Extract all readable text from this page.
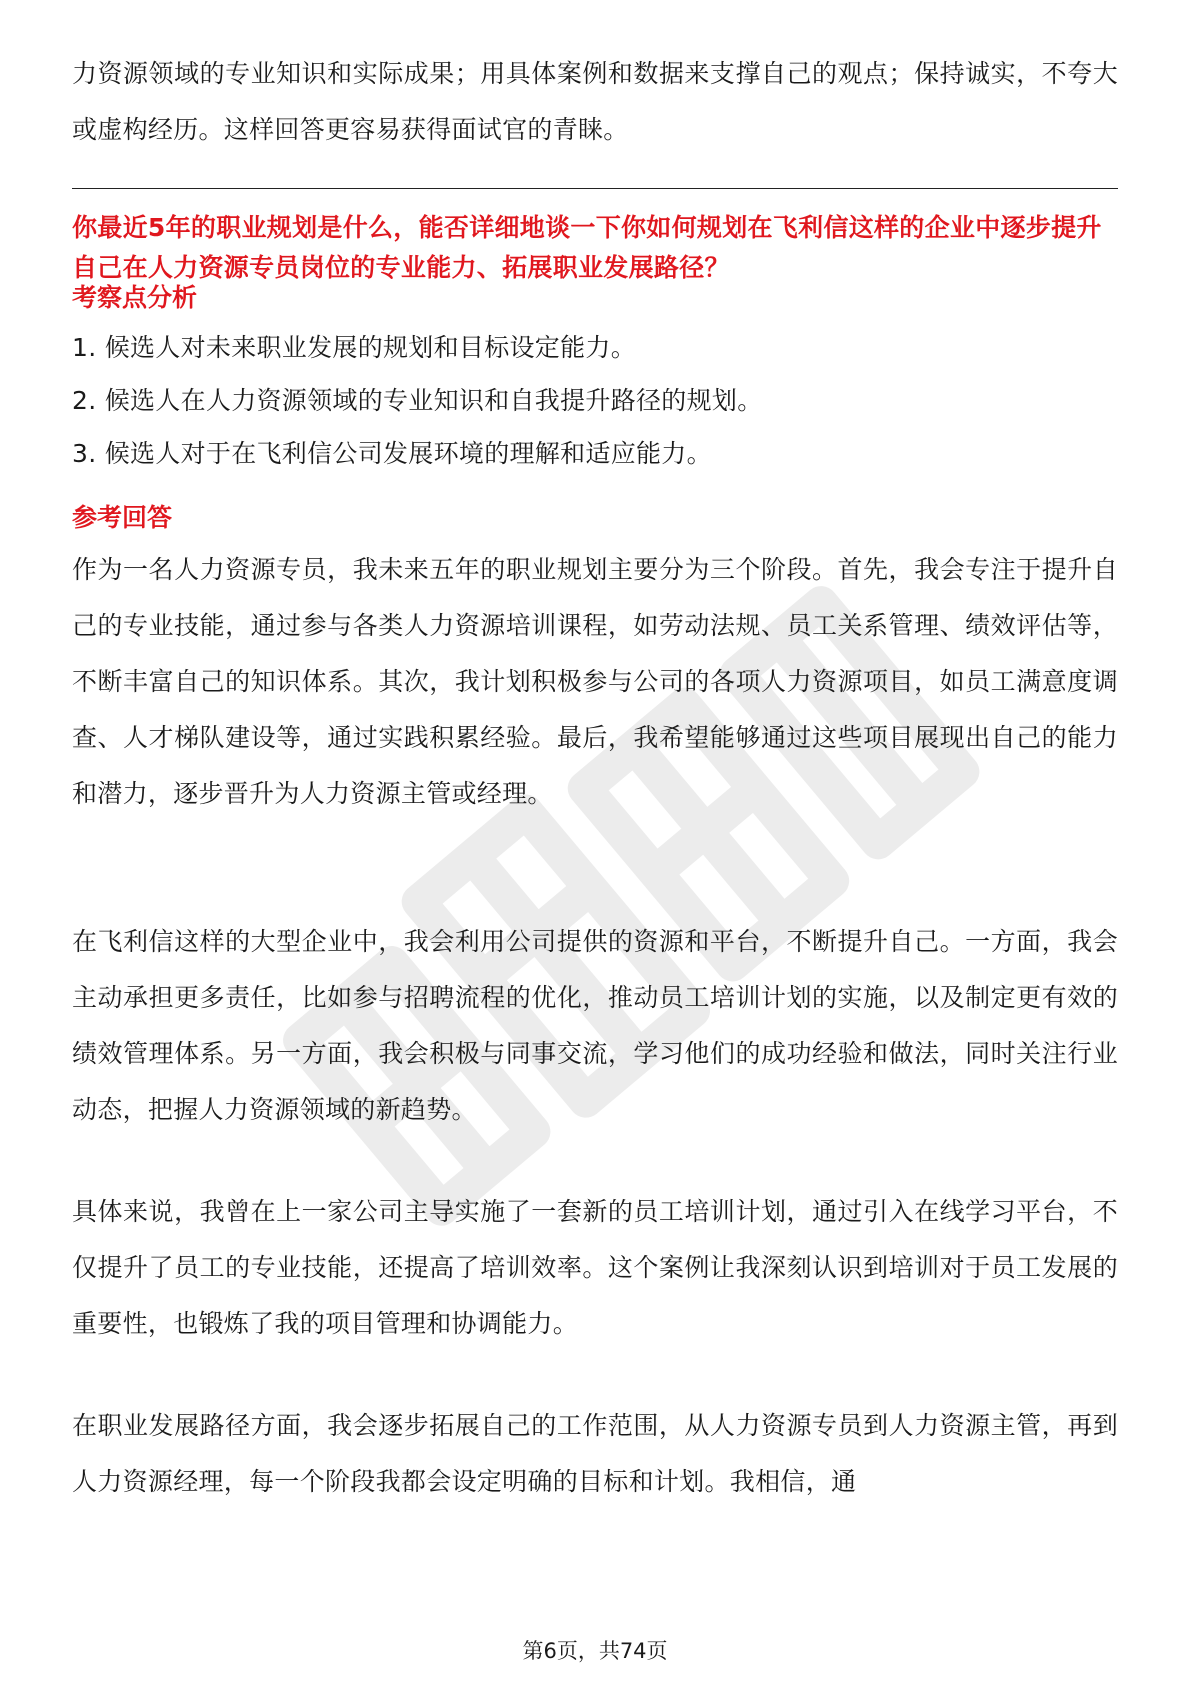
力资源领域的专业知识和实际成果；用具体案例和数据来支撑自己的观点；保持诚实，不夸大或虚构经历。这样回答更容易获得面试官的青睐。
你最近5年的职业规划是什么，能否详细地谈一下你如何规划在飞利信这样的企业中逐步提升自己在人力资源专员岗位的专业能力、拓展职业发展路径？
考察点分析
1. 候选人对未来职业发展的规划和目标设定能力。
2. 候选人在人力资源领域的专业知识和自我提升路径的规划。
3. 候选人对于在飞利信公司发展环境的理解和适应能力。
参考回答
作为一名人力资源专员，我未来五年的职业规划主要分为三个阶段。首先，我会专注于提升自己的专业技能，通过参与各类人力资源培训课程，如劳动法规、员工关系管理、绩效评估等，不断丰富自己的知识体系。其次，我计划积极参与公司的各项人力资源项目，如员工满意度调查、人才梯队建设等，通过实践积累经验。最后，我希望能够通过这些项目展现出自己的能力和潜力，逐步晋升为人力资源主管或经理。
在飞利信这样的大型企业中，我会利用公司提供的资源和平台，不断提升自己。一方面，我会主动承担更多责任，比如参与招聘流程的优化，推动员工培训计划的实施，以及制定更有效的绩效管理体系。另一方面，我会积极与同事交流，学习他们的成功经验和做法，同时关注行业动态，把握人力资源领域的新趋势。
具体来说，我曾在上一家公司主导实施了一套新的员工培训计划，通过引入在线学习平台，不仅提升了员工的专业技能，还提高了培训效率。这个案例让我深刻认识到培训对于员工发展的重要性，也锻炼了我的项目管理和协调能力。
在职业发展路径方面，我会逐步拓展自己的工作范围，从人力资源专员到人力资源主管，再到人力资源经理，每一个阶段我都会设定明确的目标和计划。我相信，通
第6页，共74页
